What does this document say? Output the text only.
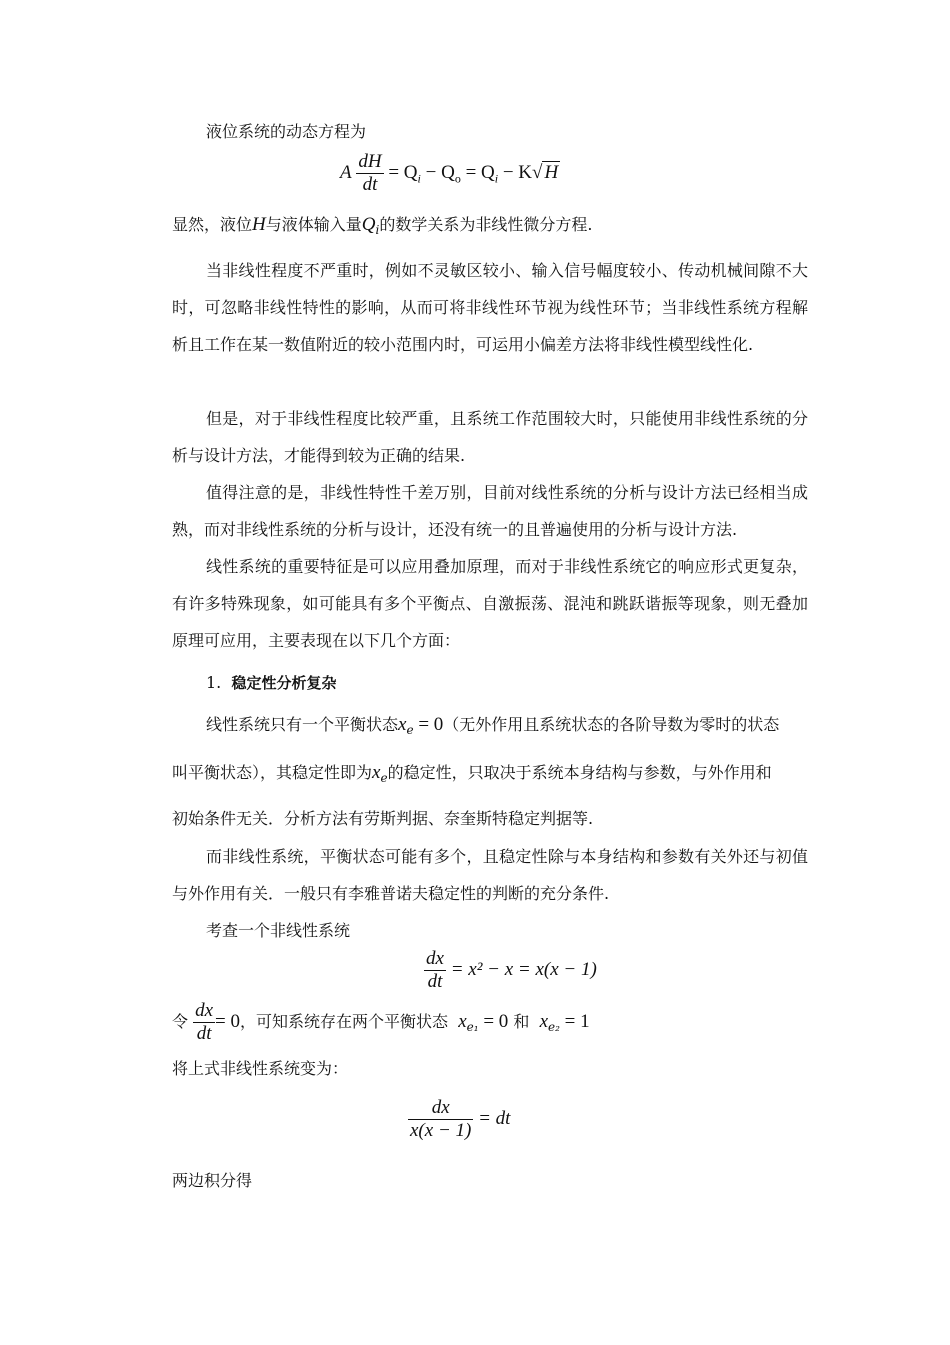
液位系统的动态方程为

A $\frac{dH}{dt} = Q_i - Q_o = Q_i - K√$ H

显然，液位H与液体输入量$Q_i$的数学关系为非线性微分方程.

当非线性程度不严重时，例如不灵敏区较小、输入信号幅度较小、传动机械间隙不大时，可忽略非线性特性的影响，从而可将非线性环节视为线性环节；当非线性系统方程解析且工作在某一数值附近的较小范围内时，可运用小偏差方法将非线性模型线性化.

但是，对于非线性程度比较严重，且系统工作范围较大时，只能使用非线性系统的分析与设计方法，才能得到较为正确的结果.

值得注意的是，非线性特性千差万别，目前对线性系统的分析与设计方法已经相当成熟，而对非线性系统的分析与设计，还没有统一的且普遍使用的分析与设计方法.

线性系统的重要特征是可以应用叠加原理，而对于非线性系统它的响应形式更复杂，有许多特殊现象，如可能具有多个平衡点、自激振荡、混沌和跳跃谐振等现象，则无叠加原理可应用，主要表现在以下几个方面：

1. 稳定性分析复杂

线性系统只有一个平衡状态$x_e = 0$（无外作用且系统状态的各阶导数为零时的状态

叫平衡状态），其稳定性即为$x_e$的稳定性，只取决于系统本身结构与参数，与外作用和

初始条件无关．分析方法有劳斯判据、奈奎斯特稳定判据等.

而非线性系统，平衡状态可能有多个，且稳定性除与本身结构和参数有关外还与初值与外作用有关．一般只有李雅普诺夫稳定性的判断的充分条件.

考查一个非线性系统

$\frac{dx}{dt} = x^2 - x = x(x - 1)$
令 $\frac{dx}{dt} = 0$，可知系统存在两个平衡状态 $x_{e_1} = 0$ 和 $x_{e_2} = 1$

将上式非线性系统变为：

$\frac{dx}{x(x - 1)}$ = dt

两边积分得
